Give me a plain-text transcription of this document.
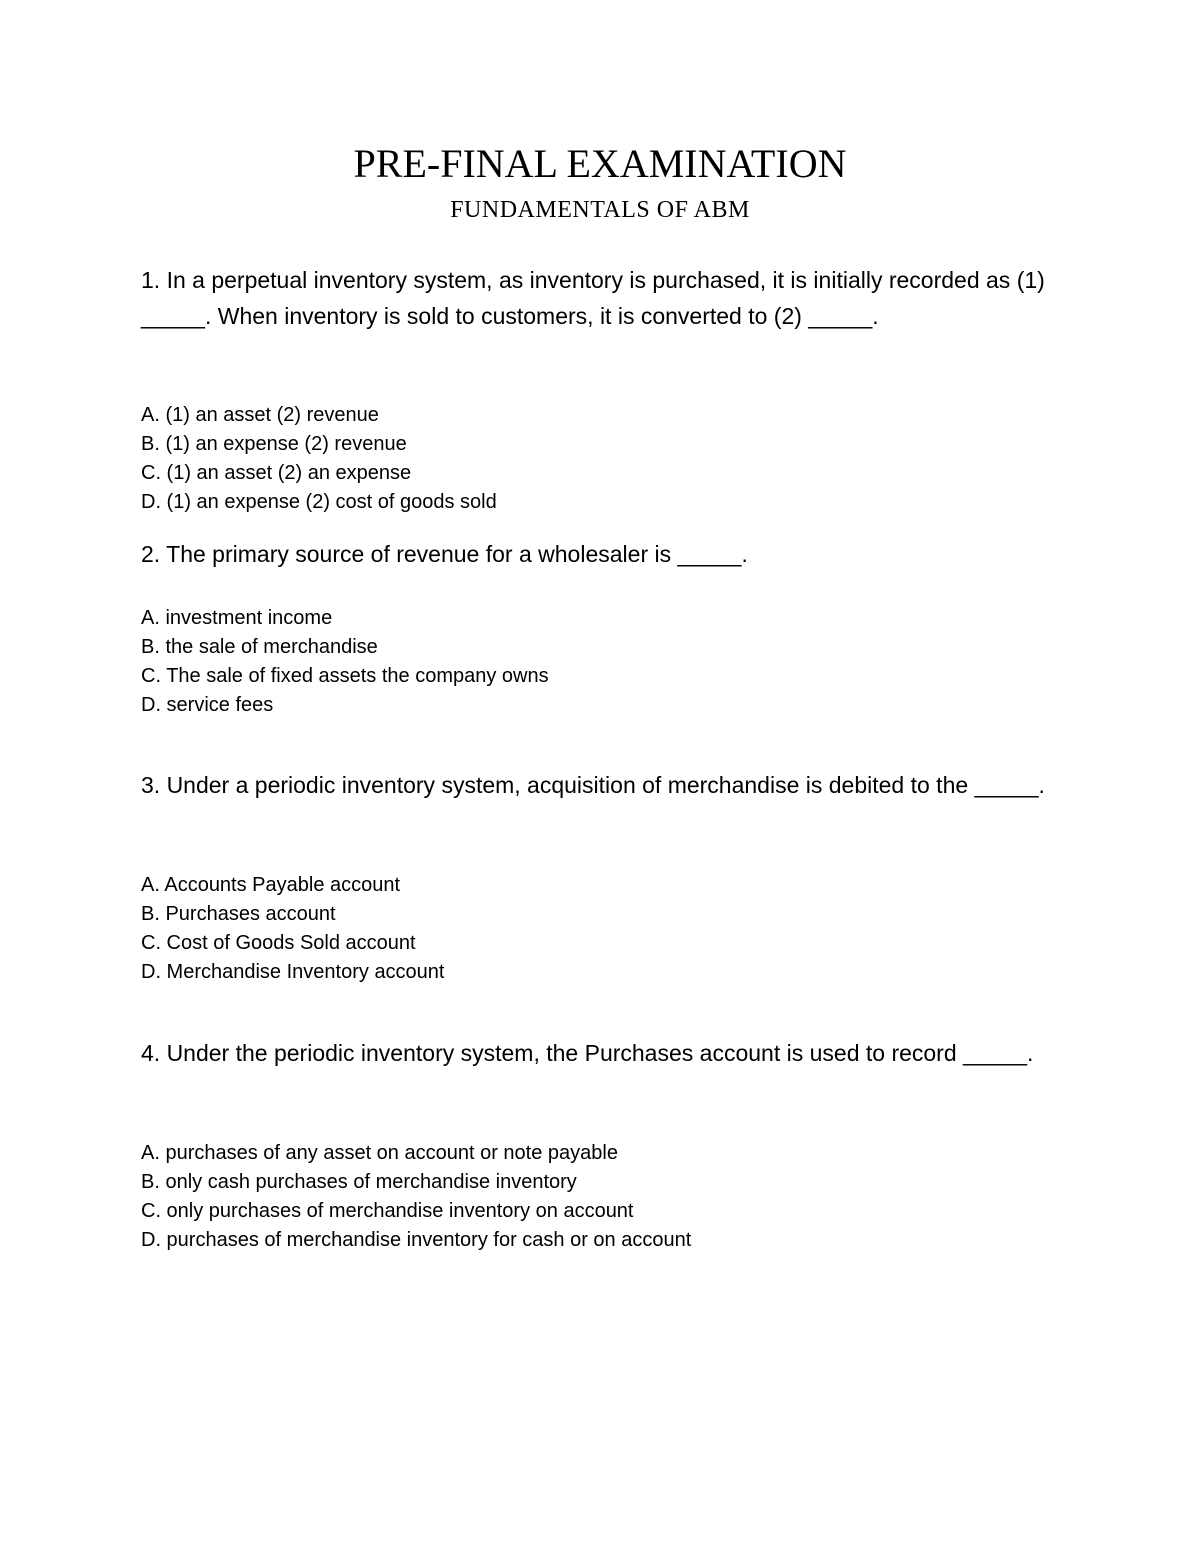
PRE-FINAL EXAMINATION
FUNDAMENTALS OF ABM

1. In a perpetual inventory system, as inventory is purchased, it is initially recorded as (1) _____. When inventory is sold to customers, it is converted to (2) _____.

A. (1) an asset (2) revenue
B. (1) an expense (2) revenue
C. (1) an asset (2) an expense
D. (1) an expense (2) cost of goods sold

2. The primary source of revenue for a wholesaler is _____.

A. investment income
B. the sale of merchandise
C. The sale of fixed assets the company owns
D. service fees

3. Under a periodic inventory system, acquisition of merchandise is debited to the _____.

A. Accounts Payable account
B. Purchases account
C. Cost of Goods Sold account
D. Merchandise Inventory account

4. Under the periodic inventory system, the Purchases account is used to record _____.

A. purchases of any asset on account or note payable
B. only cash purchases of merchandise inventory
C. only purchases of merchandise inventory on account
D. purchases of merchandise inventory for cash or on account
